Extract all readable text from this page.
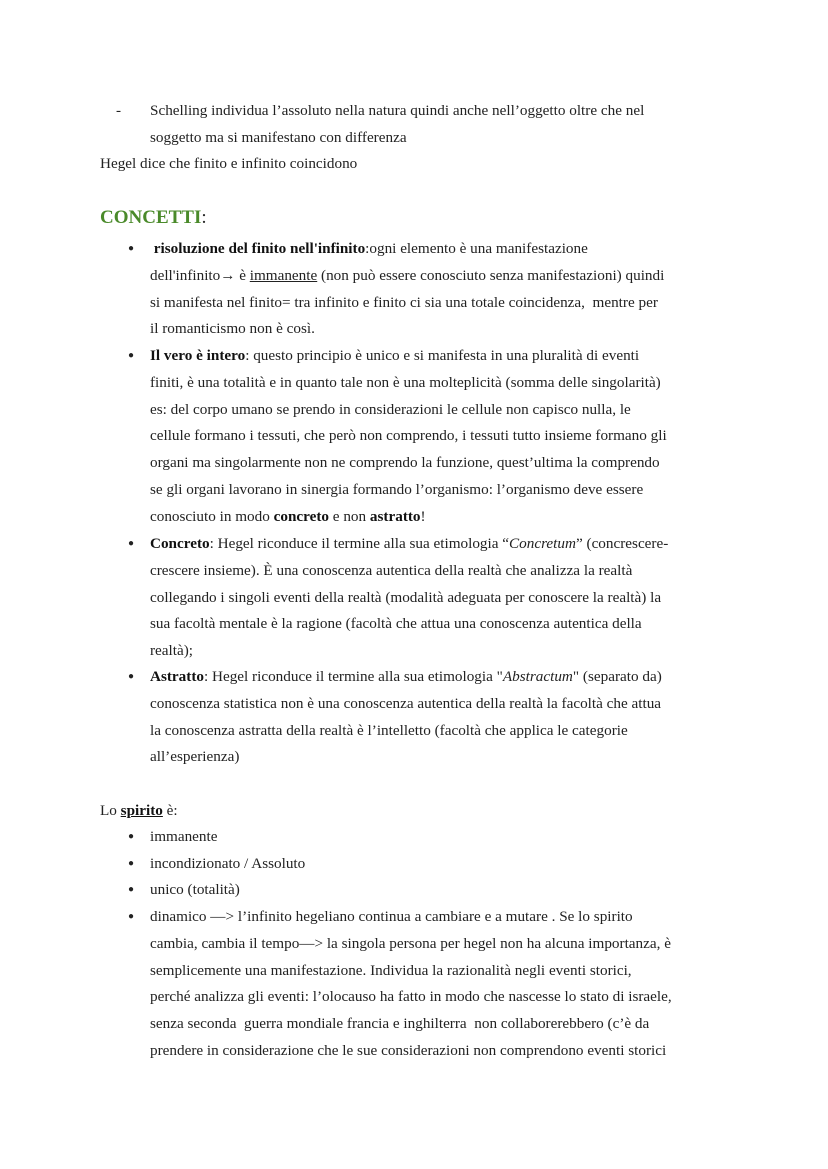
- Schelling individua l’assoluto nella natura quindi anche nell’oggetto oltre che nel
soggetto ma si manifestano con differenza
Hegel dice che finito e infinito coincidono
CONCETTI:
● risoluzione del finito nell'infinito:ogni elemento è una manifestazione
dell'infinito→ è immanente (non può essere conosciuto senza manifestazioni) quindi
si manifesta nel finito= tra infinito e finito ci sia una totale coincidenza,  mentre per
il romanticismo non è così.
● Il vero è intero: questo principio è unico e si manifesta in una pluralità di eventi
finiti, è una totalità e in quanto tale non è una molteplicità (somma delle singolarità)
es: del corpo umano se prendo in considerazioni le cellule non capisco nulla, le
cellule formano i tessuti, che però non comprendo, i tessuti tutto insieme formano gli
organi ma singolarmente non ne comprendo la funzione, quest’ultima la comprendo
se gli organi lavorano in sinergia formando l’organismo: l’organismo deve essere
conosciuto in modo concreto e non astratto!
● Concreto: Hegel riconduce il termine alla sua etimologia “Concretum” (concrescere-
crescere insieme). È una conoscenza autentica della realtà che analizza la realtà
collegando i singoli eventi della realtà (modalità adeguata per conoscere la realtà) la
sua facoltà mentale è la ragione (facoltà che attua una conoscenza autentica della
realtà);
● Astratto: Hegel riconduce il termine alla sua etimologia "Abstractum" (separato da)
conoscenza statistica non è una conoscenza autentica della realtà la facoltà che attua
la conoscenza astratta della realtà è l’intelletto (facoltà che applica le categorie
all’esperienza)
Lo spirito è:
● immanente
● incondizionato / Assoluto
● unico (totalità)
● dinamico —> l’infinito hegeliano continua a cambiare e a mutare . Se lo spirito
cambia, cambia il tempo—> la singola persona per hegel non ha alcuna importanza, è
semplicemente una manifestazione. Individua la razionalità negli eventi storici,
perché analizza gli eventi: l’olocauso ha fatto in modo che nascesse lo stato di israele,
senza seconda  guerra mondiale francia e inghilterra  non collaborerebbero (c’è da
prendere in considerazione che le sue considerazioni non comprendono eventi storici
